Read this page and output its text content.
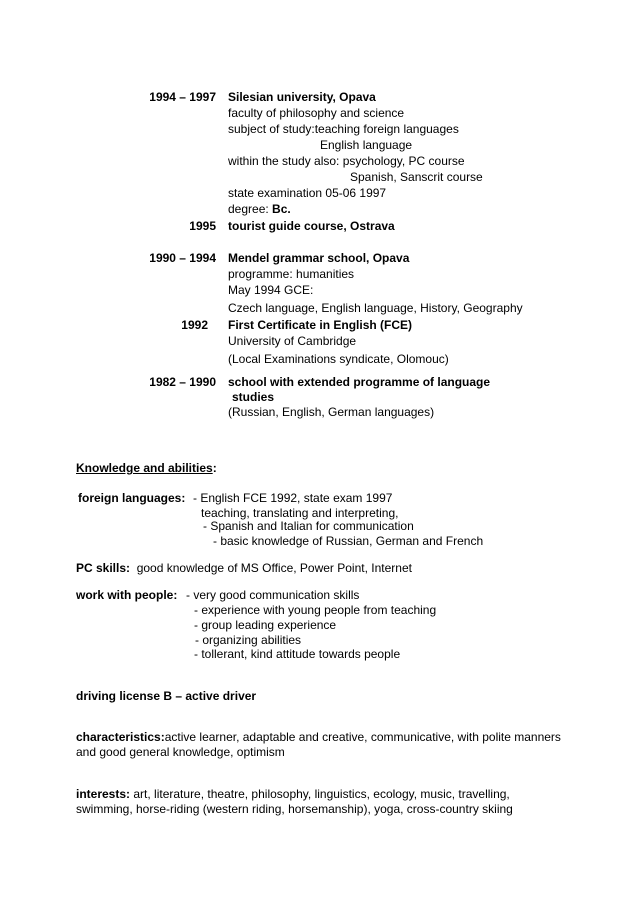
1994 – 1997 Silesian university, Opava
faculty of philosophy and science
subject of study:teaching foreign languages
English language
within the study also: psychology, PC course
Spanish, Sanscrit course
state examination 05-06 1997
degree: Bc.
1995 tourist guide course, Ostrava
1990 – 1994 Mendel grammar school, Opava
programme: humanities
May 1994 GCE:
Czech language, English language, History, Geography
1992 First Certificate in English (FCE)
University of Cambridge
(Local Examinations syndicate, Olomouc)
1982 – 1990 school with extended programme of language
studies
(Russian, English, German languages)
Knowledge and abilities:
foreign languages: - English FCE 1992, state exam 1997
teaching, translating and interpreting,
- Spanish and Italian for communication
- basic knowledge of Russian, German and French
PC skills: good knowledge of MS Office, Power Point, Internet
work with people: - very good communication skills
- experience with young people from teaching
- group leading experience
- organizing abilities
- tollerant, kind attitude towards people
driving license B – active driver
characteristics:active learner, adaptable and creative, communicative, with polite manners
and good general knowledge, optimism
interests: art, literature, theatre, philosophy, linguistics, ecology, music, travelling,
swimming, horse-riding (western riding, horsemanship), yoga, cross-country skiing
